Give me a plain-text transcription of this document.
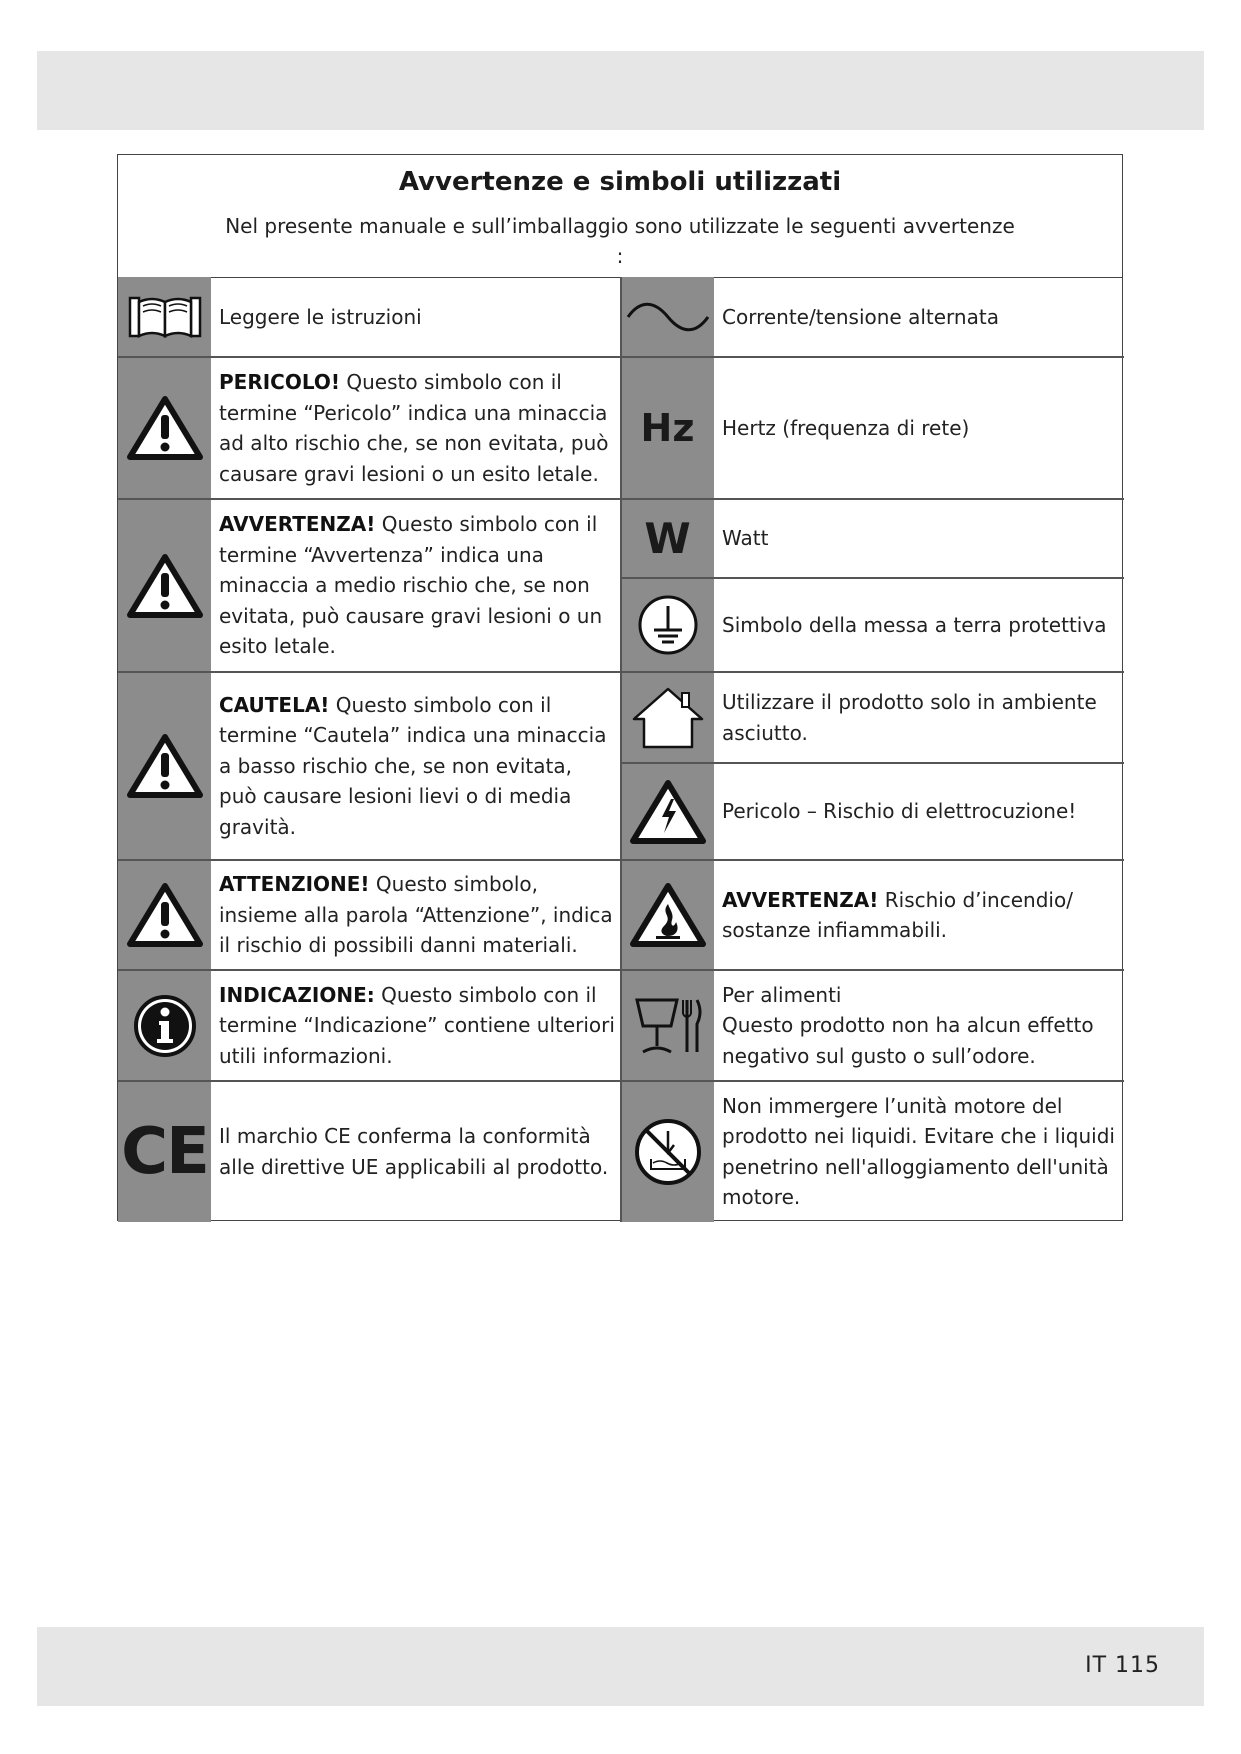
Avvertenze e simboli utilizzati
Nel presente manuale e sull’imballaggio sono utilizzate le seguenti avvertenze
:
Leggere le istruzioni
PERICOLO! Questo simbolo con il termine “Pericolo” indica una minaccia ad alto rischio che, se non evitata, può causare gravi lesioni o un esito letale.
AVVERTENZA! Questo simbolo con il termine “Avvertenza” indica una minaccia a medio rischio che, se non evitata, può causare gravi lesioni o un esito letale.
CAUTELA! Questo simbolo con il termine “Cautela” indica una minaccia a basso rischio che, se non evitata, può causare lesioni lievi o di media gravità.
ATTENZIONE! Questo simbolo, insieme alla parola “Attenzione”, indica il rischio di possibili danni materiali.
INDICAZIONE: Questo simbolo con il termine “Indicazione” contiene ulteriori utili informazioni.
CE Il marchio CE conferma la conformità alle direttive UE applicabili al prodotto.
Corrente/tensione alternata
Hz Hertz (frequenza di rete)
W Watt
Simbolo della messa a terra protettiva
Utilizzare il prodotto solo in ambiente asciutto.
Pericolo – Rischio di elettrocuzione!
AVVERTENZA! Rischio d’incendio/ sostanze infiammabili.
Per alimenti
Questo prodotto non ha alcun effetto negativo sul gusto o sull’odore.
Non immergere l’unità motore del prodotto nei liquidi. Evitare che i liquidi penetrino nell'alloggiamento dell'unità motore.
IT 115
